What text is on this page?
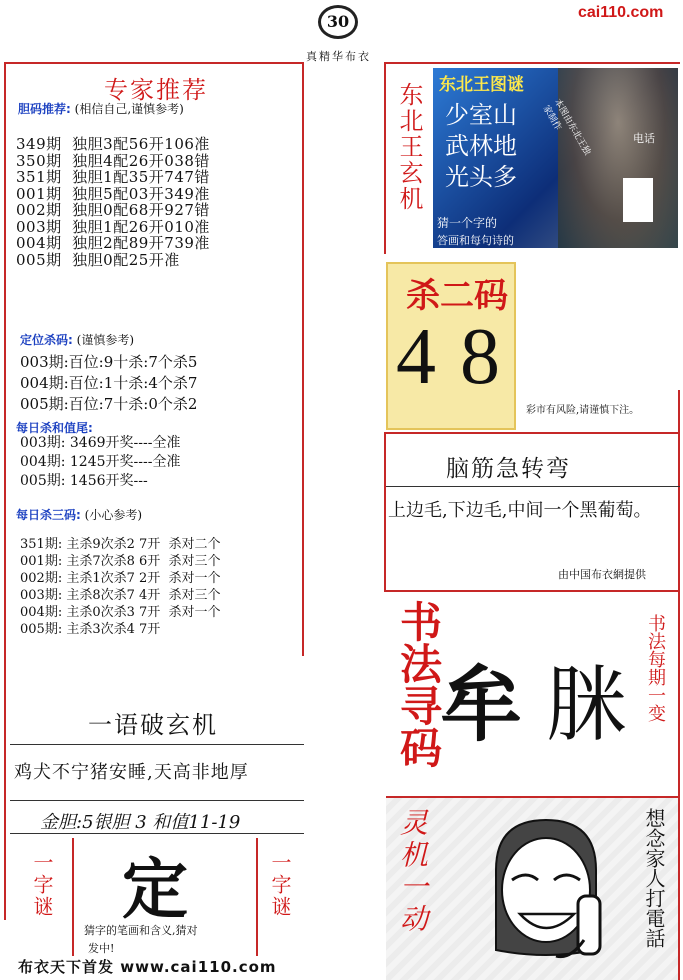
30
真精华布衣
cai110.com
专家推荐
胆码推荐: (相信自己,谨慎参考)
349期  独胆3配56开106准
350期  独胆4配26开038错
351期  独胆1配35开747错
001期  独胆5配03开349准
002期  独胆0配68开927错
003期  独胆1配26开010准
004期  独胆2配89开739准
005期  独胆0配25开准
定位杀码: (谨慎参考)
003期:百位:9十杀:7个杀5
004期:百位:1十杀:4个杀7
005期:百位:7十杀:0个杀2
每日杀和值尾:
003期: 3469开奖----全准
004期: 1245开奖----全准
005期: 1456开奖---
每日杀三码: (小心参考)
351期: 主杀9次杀2 7开  杀对二个
001期: 主杀7次杀8 6开  杀对三个
002期: 主杀1次杀7 2开  杀对一个
003期: 主杀8次杀7 4开  杀对三个
004期: 主杀0次杀3 7开  杀对一个
005期: 主杀3次杀4 7开
一语破玄机
鸡犬不宁猪安睡,天高非地厚
金胆:5银胆 3 和值11-19
一字谜 定
猜字的笔画和含义,猜对
发中!
一字谜
布衣天下首发 www.cai110.com
东北王玄机 东北王图谜
少室山
武林地
光头多
本图由东北王独家制作
电话
猜一个字的
答画和每句诗的
杀二码
4 8
彩市有风险,请谨慎下注。
脑筋急转弯
上边毛,下边毛,中间一个黑葡萄。
由中国布衣網提供
书法寻码
牟 脒 书法每期一变
灵机一动	想念家人打電話
